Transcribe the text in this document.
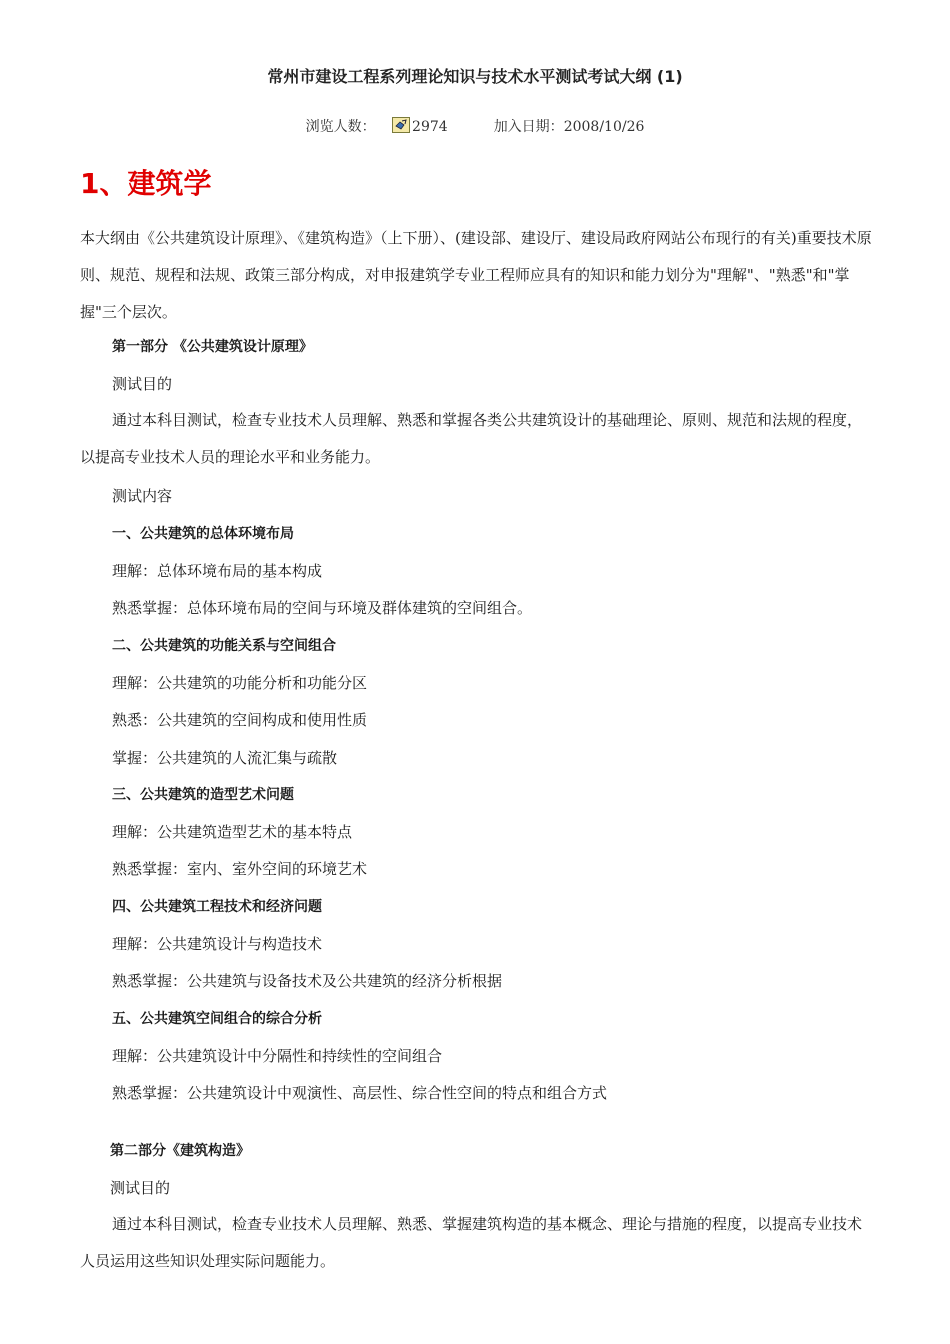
常州市建设工程系列理论知识与技术水平测试考试大纲 (1)
浏览人数：	2974	加入日期：2008/10/26
1、建筑学

本大纲由《公共建筑设计原理》、《建筑构造》（上下册）、(建设部、建设厅、建设局政府网站公布现行的有关)重要技术原则、规范、规程和法规、政策三部分构成，对申报建筑学专业工程师应具有的知识和能力划分为"理解"、"熟悉"和"掌握"三个层次。

第一部分 《公共建筑设计原理》
测试目的
通过本科目测试，检查专业技术人员理解、熟悉和掌握各类公共建筑设计的基础理论、原则、规范和法规的程度，以提高专业技术人员的理论水平和业务能力。
测试内容
一、公共建筑的总体环境布局
理解：总体环境布局的基本构成
熟悉掌握：总体环境布局的空间与环境及群体建筑的空间组合。
二、公共建筑的功能关系与空间组合
理解：公共建筑的功能分析和功能分区
熟悉：公共建筑的空间构成和使用性质
掌握：公共建筑的人流汇集与疏散
三、公共建筑的造型艺术问题
理解：公共建筑造型艺术的基本特点
熟悉掌握：室内、室外空间的环境艺术
四、公共建筑工程技术和经济问题
理解：公共建筑设计与构造技术
熟悉掌握：公共建筑与设备技术及公共建筑的经济分析根据
五、公共建筑空间组合的综合分析
理解：公共建筑设计中分隔性和持续性的空间组合
熟悉掌握：公共建筑设计中观演性、高层性、综合性空间的特点和组合方式
第二部分《建筑构造》
测试目的
通过本科目测试，检查专业技术人员理解、熟悉、掌握建筑构造的基本概念、理论与措施的程度，以提高专业技术人员运用这些知识处理实际问题能力。
